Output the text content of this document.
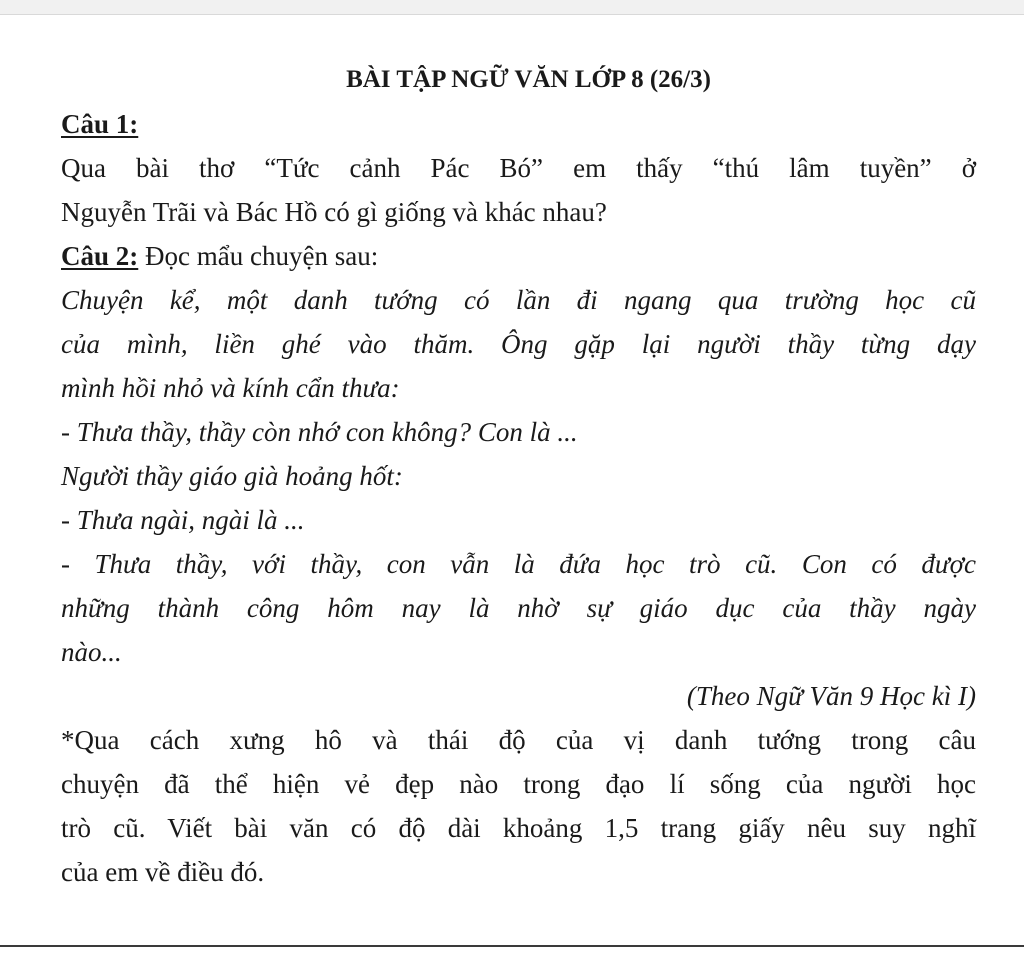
BÀI TẬP NGỮ VĂN LỚP 8 (26/3)
Câu 1:
Qua bài thơ “Tức cảnh Pác Bó” em thấy “thú lâm tuyền” ở
Nguyễn Trãi và Bác Hồ có gì giống và khác nhau?
Câu 2: Đọc mẩu chuyện sau:
Chuyện kể, một danh tướng có lần đi ngang qua trường học cũ
của mình, liền ghé vào thăm. Ông gặp lại người thầy từng dạy
mình hồi nhỏ và kính cẩn thưa:
- Thưa thầy, thầy còn nhớ con không? Con là ...
Người thầy giáo già hoảng hốt:
- Thưa ngài, ngài là ...
- Thưa thầy, với thầy, con vẫn là đứa học trò cũ. Con có được
những thành công hôm nay là nhờ sự giáo dục của thầy ngày
nào...
(Theo Ngữ Văn 9 Học kì I)
*Qua cách xưng hô và thái độ của vị danh tướng trong câu
chuyện đã thể hiện vẻ đẹp nào trong đạo lí sống của người học
trò cũ. Viết bài văn có độ dài khoảng 1,5 trang giấy nêu suy nghĩ
của em về điều đó.
